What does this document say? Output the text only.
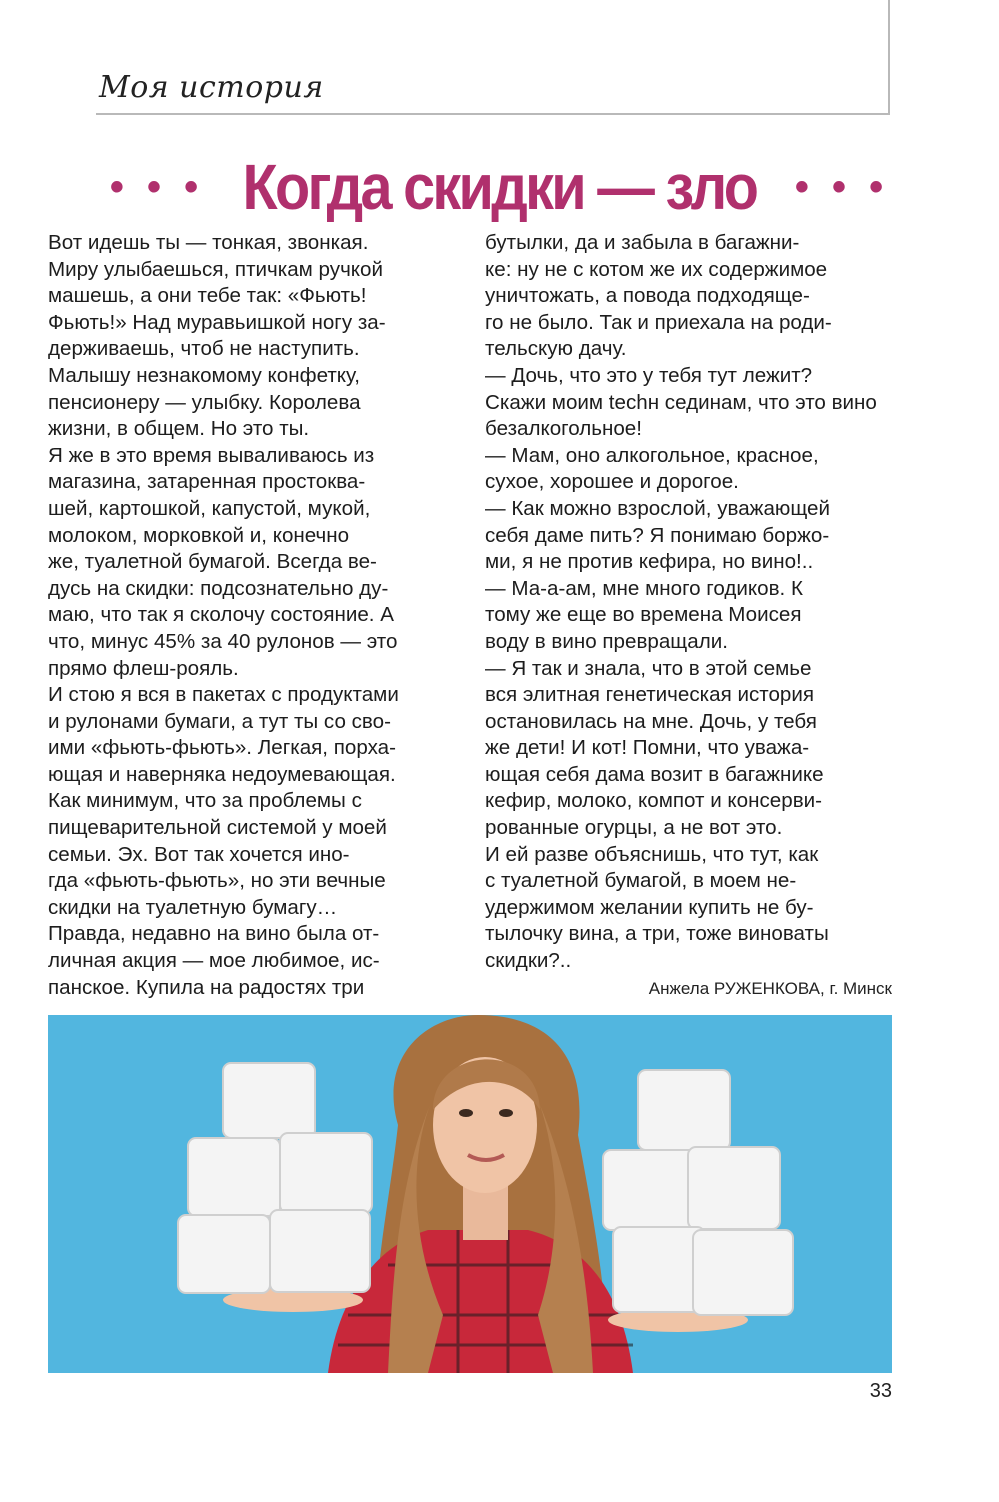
Моя история
• • • Когда скидки — зло • • •
Вот идешь ты — тонкая, звонкая.
Миру улыбаешься, птичкам ручкой
машешь, а они тебе так: «Фьють!
Фьють!» Над муравьишкой ногу за-
держиваешь, чтоб не наступить.
Малышу незнакомому конфетку,
пенсионеру — улыбку. Королева
жизни, в общем. Но это ты.
Я же в это время вываливаюсь из
магазина, затаренная простоква-
шей, картошкой, капустой, мукой,
молоком, морковкой и, конечно
же, туалетной бумагой. Всегда ве-
дусь на скидки: подсознательно ду-
маю, что так я сколочу состояние. А
что, минус 45% за 40 рулонов — это
прямо флеш-рояль.
И стою я вся в пакетах с продуктами
и рулонами бумаги, а тут ты со сво-
ими «фьють-фьють». Легкая, порха-
ющая и наверняка недоумевающая.
Как минимум, что за проблемы с
пищеварительной системой у моей
семьи. Эх. Вот так хочется ино-
гда «фьють-фьють», но эти вечные
скидки на туалетную бумагу…
Правда, недавно на вино была от-
личная акция — мое любимое, ис-
панское. Купила на радостях три
бутылки, да и забыла в багажни-
ке: ну не с котом же их содержимое
уничтожать, а повода подходяще-
го не было. Так и приехала на роди-
тельскую дачу.
— Дочь, что это у тебя тут лежит?
Скажи моим techн сединам, что это вино
безалкогольное!
— Мам, оно алкогольное, красное,
сухое, хорошее и дорогое.
— Как можно взрослой, уважающей
себя даме пить? Я понимаю боржо-
ми, я не против кефира, но вино!..
— Ма-а-ам, мне много годиков. К
тому же еще во времена Моисея
воду в вино превращали.
— Я так и знала, что в этой семье
вся элитная генетическая история
остановилась на мне. Дочь, у тебя
же дети! И кот! Помни, что уважа-
ющая себя дама возит в багажнике
кефир, молоко, компот и консерви-
рованные огурцы, а не вот это.
И ей разве объяснишь, что тут, как
с туалетной бумагой, в моем не-
удержимом желании купить не бу-
тылочку вина, а три, тоже виноваты
скидки?..
Анжела РУЖЕНКОВА, г. Минск
33
